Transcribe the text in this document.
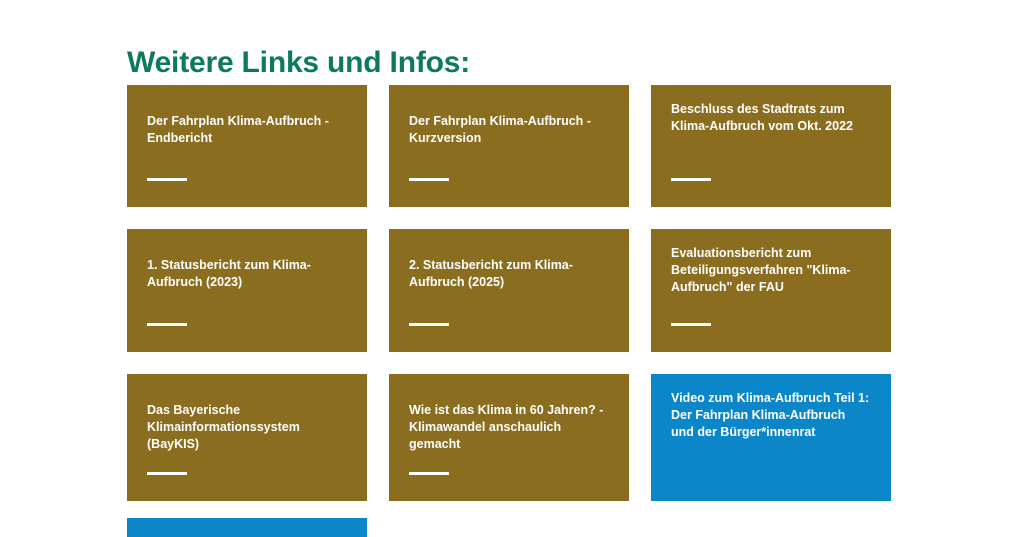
Weitere Links und Infos:
Der Fahrplan Klima-Aufbruch - Endbericht
Der Fahrplan Klima-Aufbruch - Kurzversion
Beschluss des Stadtrats zum Klima-Aufbruch vom Okt. 2022
1. Statusbericht zum Klima-Aufbruch (2023)
2. Statusbericht zum Klima-Aufbruch (2025)
Evaluationsbericht zum Beteiligungsverfahren "Klima-Aufbruch" der FAU
Das Bayerische Klimainformationssystem (BayKIS)
Wie ist das Klima in 60 Jahren? - Klimawandel anschaulich gemacht
Video zum Klima-Aufbruch Teil 1: Der Fahrplan Klima-Aufbruch und der Bürger*innenrat
